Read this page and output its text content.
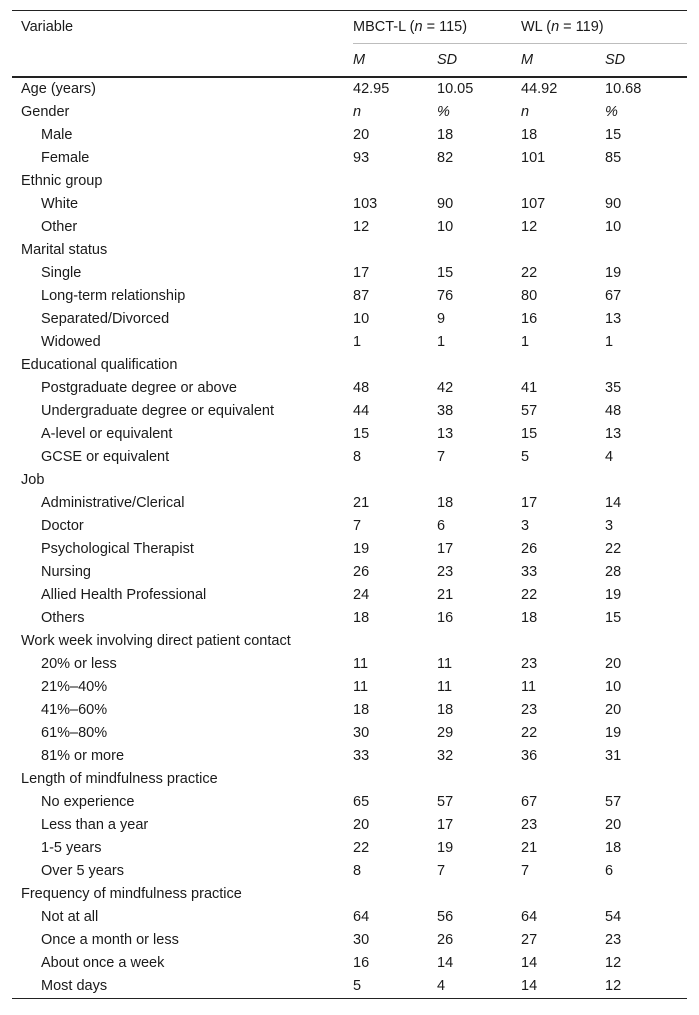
Variable	MBCT-L (n = 115)		WL (n = 119)	
	M	SD	M	SD
Age (years)	42.95	10.05	44.92	10.68
Gender	n	%	n	%
Male	20	18	18	15
Female	93	82	101	85
Ethnic group				
White	103	90	107	90
Other	12	10	12	10
Marital status				
Single	17	15	22	19
Long-term relationship	87	76	80	67
Separated/Divorced	10	9	16	13
Widowed	1	1	1	1
Educational qualification				
Postgraduate degree or above	48	42	41	35
Undergraduate degree or equivalent	44	38	57	48
A-level or equivalent	15	13	15	13
GCSE or equivalent	8	7	5	4
Job				
Administrative/Clerical	21	18	17	14
Doctor	7	6	3	3
Psychological Therapist	19	17	26	22
Nursing	26	23	33	28
Allied Health Professional	24	21	22	19
Others	18	16	18	15
Work week involving direct patient contact				
20% or less	11	11	23	20
21%–40%	11	11	11	10
41%–60%	18	18	23	20
61%–80%	30	29	22	19
81% or more	33	32	36	31
Length of mindfulness practice				
No experience	65	57	67	57
Less than a year	20	17	23	20
1-5 years	22	19	21	18
Over 5 years	8	7	7	6
Frequency of mindfulness practice				
Not at all	64	56	64	54
Once a month or less	30	26	27	23
About once a week	16	14	14	12
Most days	5	4	14	12
